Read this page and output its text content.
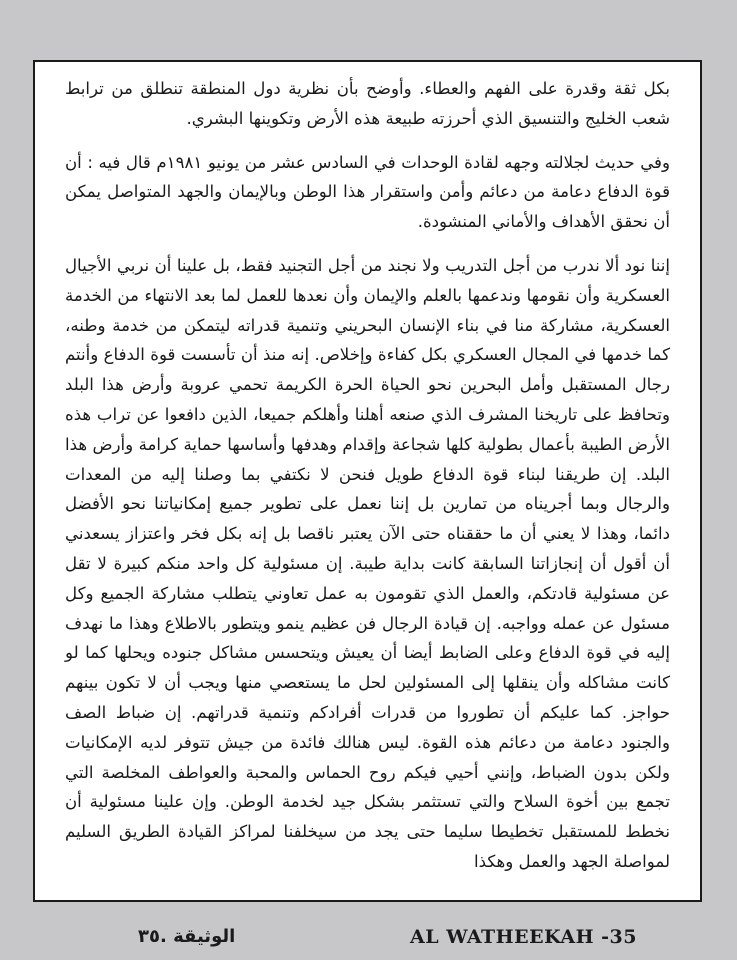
بكل ثقة وقدرة على الفهم والعطاء. وأوضح بأن نظرية دول المنطقة تنطلق من ترابط شعب الخليج والتنسيق الذي أحرزته طبيعة هذه الأرض وتكوينها البشري.

وفي حديث لجلالته وجهه لقادة الوحدات في السادس عشر من يونيو ١٩٨١م قال فيه : أن قوة الدفاع دعامة من دعائم وأمن واستقرار هذا الوطن وبالإيمان والجهد المتواصل يمكن أن نحقق الأهداف والأماني المنشودة.

إننا نود ألا ندرب من أجل التدريب ولا نجند من أجل التجنيد فقط، بل علينا أن نربي الأجيال العسكرية وأن نقومها وندعمها بالعلم والإيمان وأن نعدها للعمل لما بعد الانتهاء من الخدمة العسكرية، مشاركة منا في بناء الإنسان البحريني وتنمية قدراته ليتمكن من خدمة وطنه، كما خدمها في المجال العسكري بكل كفاءة وإخلاص. إنه منذ أن تأسست قوة الدفاع وأنتم رجال المستقبل وأمل البحرين نحو الحياة الحرة الكريمة تحمي عروبة وأرض هذا البلد وتحافظ على تاريخنا المشرف الذي صنعه أهلنا وأهلكم جميعا، الذين دافعوا عن تراب هذه الأرض الطيبة بأعمال بطولية كلها شجاعة وإقدام وهدفها وأساسها حماية كرامة وأرض هذا البلد. إن طريقنا لبناء قوة الدفاع طويل فنحن لا نكتفي بما وصلنا إليه من المعدات والرجال وبما أجريناه من تمارين بل إننا نعمل على تطوير جميع إمكانياتنا نحو الأفضل دائما، وهذا لا يعني أن ما حققناه حتى الآن يعتبر ناقصا بل إنه بكل فخر واعتزاز يسعدني أن أقول أن إنجازاتنا السابقة كانت بداية طيبة. إن مسئولية كل واحد منكم كبيرة لا تقل عن مسئولية قادتكم، والعمل الذي تقومون به عمل تعاوني يتطلب مشاركة الجميع وكل مسئول عن عمله وواجبه. إن قيادة الرجال فن عظيم ينمو ويتطور بالاطلاع وهذا ما نهدف إليه في قوة الدفاع وعلى الضابط أيضا أن يعيش ويتحسس مشاكل جنوده ويحلها كما لو كانت مشاكله وأن ينقلها إلى المسئولين لحل ما يستعصي منها ويجب أن لا تكون بينهم حواجز. كما عليكم أن تطوروا من قدرات أفرادكم وتنمية قدراتهم. إن ضباط الصف والجنود دعامة من دعائم هذه القوة. ليس هنالك فائدة من جيش تتوفر لديه الإمكانيات ولكن بدون الضباط، وإنني أحيي فيكم روح الحماس والمحبة والعواطف المخلصة التي تجمع بين أخوة السلاح والتي تستثمر بشكل جيد لخدمة الوطن. وإن علينا مسئولية أن نخطط للمستقبل تخطيطا سليما حتى يجد من سيخلفنا لمراكز القيادة الطريق السليم لمواصلة الجهد والعمل وهكذا

AL WATHEEKAH -35
الوثيقة .٣٥
